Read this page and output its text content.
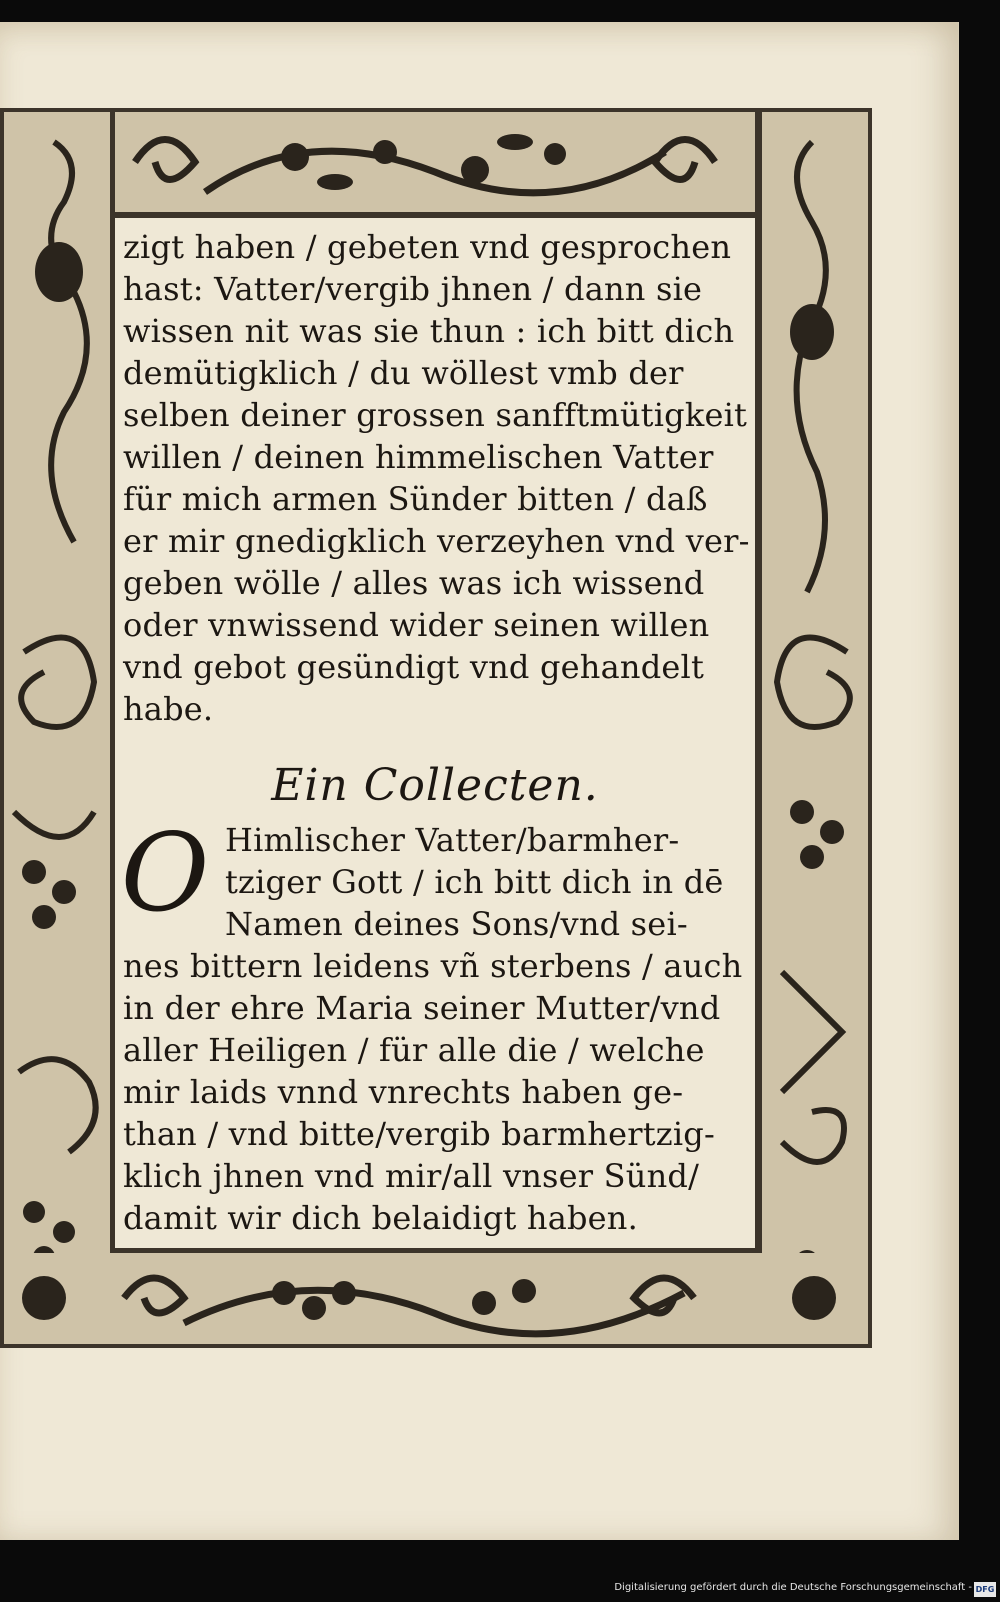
zigt haben / gebeten vnd gesprochen
hast: Vatter/vergib jhnen / dann sie
wissen nit was sie thun : ich bitt dich
demütigklich / du wöllest vmb der
selben deiner grossen sanfftmütigkeit
willen / deinen himmelischen Vatter
für mich armen Sünder bitten / daß
er mir gnedigklich verzeyhen vnd ver-
geben wölle / alles was ich wissend
oder vnwissend wider seinen willen
vnd gebot gesündigt vnd gehandelt
habe.
Ein Collecten.
O Himlischer Vatter/barmher-
tziger Gott / ich bitt dich in dē
Namen deines Sons/vnd sei-
nes bittern leidens vñ sterbens / auch
in der ehre Maria seiner Mutter/vnd
aller Heiligen / für alle die / welche
mir laids vnnd vnrechts haben ge-
than / vnd bitte/vergib barmhertzig-
klich jhnen vnd mir/all vnser Sünd/
damit wir dich belaidigt haben.
Digitalisierung gefördert durch die Deutsche Forschungsgemeinschaft - DFG
